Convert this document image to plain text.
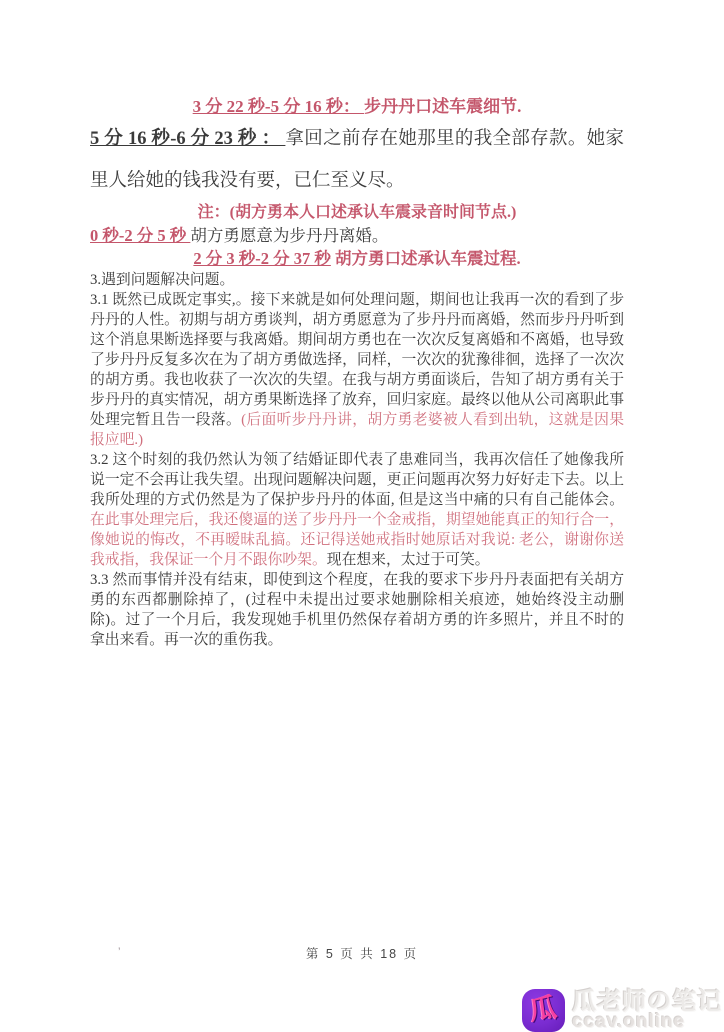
3 分 22 秒-5 分 16 秒： 步丹丹口述车震细节.

5 分 16 秒-6 分 23 秒 ： 拿回之前存在她那里的我全部存款。她家里人给她的钱我没有要，已仁至义尽。

注：(胡方勇本人口述承认车震录音时间节点.)

0 秒-2 分 5 秒 胡方勇愿意为步丹丹离婚。

2 分 3 秒-2 分 37 秒 胡方勇口述承认车震过程.

3.遇到问题解决问题。

3.1 既然已成既定事实,。接下来就是如何处理问题，期间也让我再一次的看到了步丹丹的人性。初期与胡方勇谈判，胡方勇愿意为了步丹丹而离婚，然而步丹丹听到这个消息果断选择要与我离婚。期间胡方勇也在一次次反复离婚和不离婚，也导致了步丹丹反复多次在为了胡方勇做选择，同样，一次次的犹豫徘徊，选择了一次次的胡方勇。我也收获了一次次的失望。在我与胡方勇面谈后，告知了胡方勇有关于步丹丹的真实情况，胡方勇果断选择了放弃，回归家庭。最终以他从公司离职此事处理完暂且告一段落。(后面听步丹丹讲，胡方勇老婆被人看到出轨，这就是因果报应吧.)

3.2 这个时刻的我仍然认为领了结婚证即代表了患难同当，我再次信任了她像我所说一定不会再让我失望。出现问题解决问题，更正问题再次努力好好走下去。以上我所处理的方式仍然是为了保护步丹丹的体面, 但是这当中痛的只有自己能体会。在此事处理完后，我还傻逼的送了步丹丹一个金戒指，期望她能真正的知行合一，像她说的悔改，不再暧昧乱搞。还记得送她戒指时她原话对我说: 老公，谢谢你送我戒指，我保证一个月不跟你吵架。现在想来，太过于可笑。

3.3 然而事情并没有结束，即使到这个程度，在我的要求下步丹丹表面把有关胡方勇的东西都删除掉了，(过程中未提出过要求她删除相关痕迹，她始终没主动删除)。过了一个月后，我发现她手机里仍然保存着胡方勇的许多照片，并且不时的拿出来看。再一次的重伤我。

’	第 5 页 共 18 页
瓜 瓜老师の笔记
ccav.online
